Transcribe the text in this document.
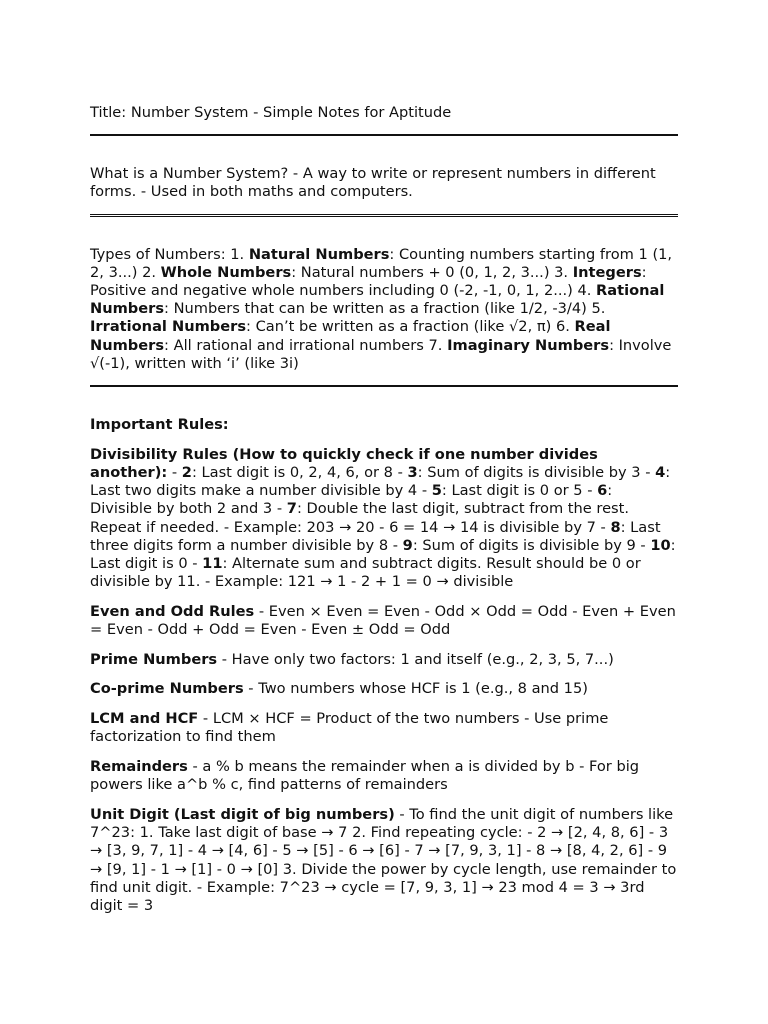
Title: Number System - Simple Notes for Aptitude

What is a Number System? - A way to write or represent numbers in different forms. - Used in both maths and computers.

Types of Numbers: 1. Natural Numbers: Counting numbers starting from 1 (1, 2, 3...) 2. Whole Numbers: Natural numbers + 0 (0, 1, 2, 3...) 3. Integers: Positive and negative whole numbers including 0 (-2, -1, 0, 1, 2...) 4. Rational Numbers: Numbers that can be written as a fraction (like 1/2, -3/4) 5. Irrational Numbers: Can’t be written as a fraction (like √2, π) 6. Real Numbers: All rational and irrational numbers 7. Imaginary Numbers: Involve √(-1), written with ‘i’ (like 3i)

Important Rules:

Divisibility Rules (How to quickly check if one number divides another): - 2: Last digit is 0, 2, 4, 6, or 8 - 3: Sum of digits is divisible by 3 - 4: Last two digits make a number divisible by 4 - 5: Last digit is 0 or 5 - 6: Divisible by both 2 and 3 - 7: Double the last digit, subtract from the rest. Repeat if needed. - Example: 203 → 20 - 6 = 14 → 14 is divisible by 7 - 8: Last three digits form a number divisible by 8 - 9: Sum of digits is divisible by 9 - 10: Last digit is 0 - 11: Alternate sum and subtract digits. Result should be 0 or divisible by 11. - Example: 121 → 1 - 2 + 1 = 0 → divisible

Even and Odd Rules - Even × Even = Even - Odd × Odd = Odd - Even + Even = Even - Odd + Odd = Even - Even ± Odd = Odd

Prime Numbers - Have only two factors: 1 and itself (e.g., 2, 3, 5, 7...)

Co-prime Numbers - Two numbers whose HCF is 1 (e.g., 8 and 15)

LCM and HCF - LCM × HCF = Product of the two numbers - Use prime factorization to find them

Remainders - a % b means the remainder when a is divided by b - For big powers like a^b % c, find patterns of remainders

Unit Digit (Last digit of big numbers) - To find the unit digit of numbers like 7^23: 1. Take last digit of base → 7 2. Find repeating cycle: - 2 → [2, 4, 8, 6] - 3 → [3, 9, 7, 1] - 4 → [4, 6] - 5 → [5] - 6 → [6] - 7 → [7, 9, 3, 1] - 8 → [8, 4, 2, 6] - 9 → [9, 1] - 1 → [1] - 0 → [0] 3. Divide the power by cycle length, use remainder to find unit digit. - Example: 7^23 → cycle = [7, 9, 3, 1] → 23 mod 4 = 3 → 3rd digit = 3
